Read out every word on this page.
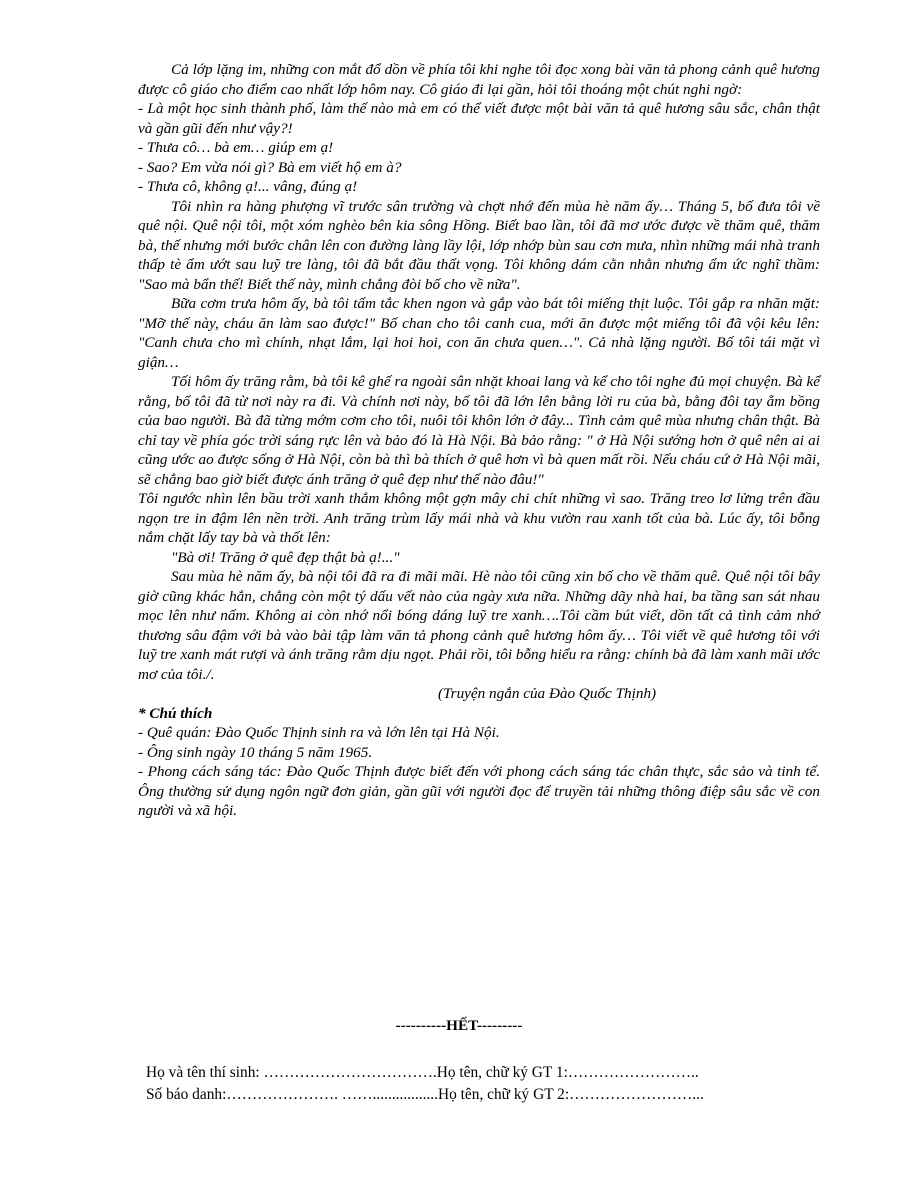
Cả lớp lặng im, những con mắt đổ dồn về phía tôi khi nghe tôi đọc xong bài văn tả phong cảnh quê hương được cô giáo cho điểm cao nhất lớp hôm nay. Cô giáo đi lại gần, hỏi tôi thoáng một chút nghi ngờ:

- Là một học sinh thành phố, làm thế nào mà em có thể viết được một bài văn tả quê hương sâu sắc, chân thật và gần gũi đến như vậy?!

- Thưa cô… bà em… giúp em ạ!

- Sao? Em vừa nói gì? Bà em viết hộ em à?

- Thưa cô, không ạ!... vâng, đúng ạ!

Tôi nhìn ra hàng phượng vĩ trước sân trường và chợt nhớ đến mùa hè năm ấy… Tháng 5, bố đưa tôi về quê nội. Quê nội tôi, một xóm nghèo bên kia sông Hồng. Biết bao lần, tôi đã mơ ước được về thăm quê, thăm bà, thế nhưng mới bước chân lên con đường làng lầy lội, lớp nhớp bùn sau cơn mưa, nhìn những mái nhà tranh thấp tè ẩm ướt sau luỹ tre làng, tôi đã bắt đầu thất vọng. Tôi không dám cằn nhằn nhưng ấm ức nghĩ thầm: "Sao mà bẩn thế! Biết thế này, mình chẳng đòi bố cho về nữa".

Bữa cơm trưa hôm ấy, bà tôi tấm tắc khen ngon và gắp vào bát tôi miếng thịt luộc. Tôi gắp ra nhăn mặt: "Mỡ thế này, cháu ăn làm sao được!" Bố chan cho tôi canh cua, mới ăn được một miếng tôi đã vội kêu lên: "Canh chưa cho mì chính, nhạt lắm, lại hoi hoi, con ăn chưa quen…". Cả nhà lặng người. Bố tôi tái mặt vì giận…

Tối hôm ấy trăng rằm, bà tôi kê ghế ra ngoài sân nhặt khoai lang và kể cho tôi nghe đủ mọi chuyện. Bà kể rằng, bố tôi đã từ nơi này ra đi. Và chính nơi này, bố tôi đã lớn lên bằng lời ru của bà, bằng đôi tay ẵm bồng của bao người. Bà đã từng mớm cơm cho tôi, nuôi tôi khôn lớn ở đây... Tình cảm quê mùa nhưng chân thật. Bà chỉ tay về phía góc trời sáng rực lên và bảo đó là Hà Nội. Bà bảo rằng: " ở Hà Nội sướng hơn ở quê nên ai ai cũng ước ao được sống ở Hà Nội, còn bà thì bà thích ở quê hơn vì bà quen mất rồi. Nếu cháu cứ ở Hà Nội mãi, sẽ chẳng bao giờ biết được ánh trăng ở quê đẹp như thế nào đâu!"

Tôi ngước nhìn lên bầu trời xanh thẳm không một gợn mây chi chít những vì sao. Trăng treo lơ lửng trên đầu ngọn tre in đậm lên nền trời. Anh trăng trùm lấy mái nhà và khu vườn rau xanh tốt của bà. Lúc ấy, tôi bỗng nắm chặt lấy tay bà và thốt lên:

"Bà ơi! Trăng ở quê đẹp thật bà ạ!..."

Sau mùa hè năm ấy, bà nội tôi đã ra đi mãi mãi. Hè nào tôi cũng xin bố cho về thăm quê. Quê nội tôi bây giờ cũng khác hẳn, chẳng còn một tý dấu vết nào của ngày xưa nữa. Những dãy nhà hai, ba tầng san sát nhau mọc lên như nấm. Không ai còn nhớ nổi bóng dáng luỹ tre xanh….Tôi cầm bút viết, dồn tất cả tình cảm nhớ thương sâu đậm với bà vào bài tập làm văn tả phong cảnh quê hương hôm ấy… Tôi viết về quê hương tôi với luỹ tre xanh mát rượi và ánh trăng rằm dịu ngọt. Phải rồi, tôi bỗng hiểu ra rằng: chính bà đã làm xanh mãi ước mơ của tôi./.

(Truyện ngắn của Đào Quốc Thịnh)

* Chú thích

- Quê quán: Đào Quốc Thịnh sinh ra và lớn lên tại Hà Nội.

- Ông sinh ngày 10 tháng 5 năm 1965.

- Phong cách sáng tác: Đào Quốc Thịnh được biết đến với phong cách sáng tác chân thực, sắc sảo và tinh tế. Ông thường sử dụng ngôn ngữ đơn giản, gần gũi với người đọc để truyền tải những thông điệp sâu sắc về con người và xã hội.

----------HẾT---------
Họ và tên thí sinh: …………………………….Họ tên, chữ ký GT 1:……………………..
Số báo danh:…………………. …….................Họ tên, chữ ký GT 2:……………………...
